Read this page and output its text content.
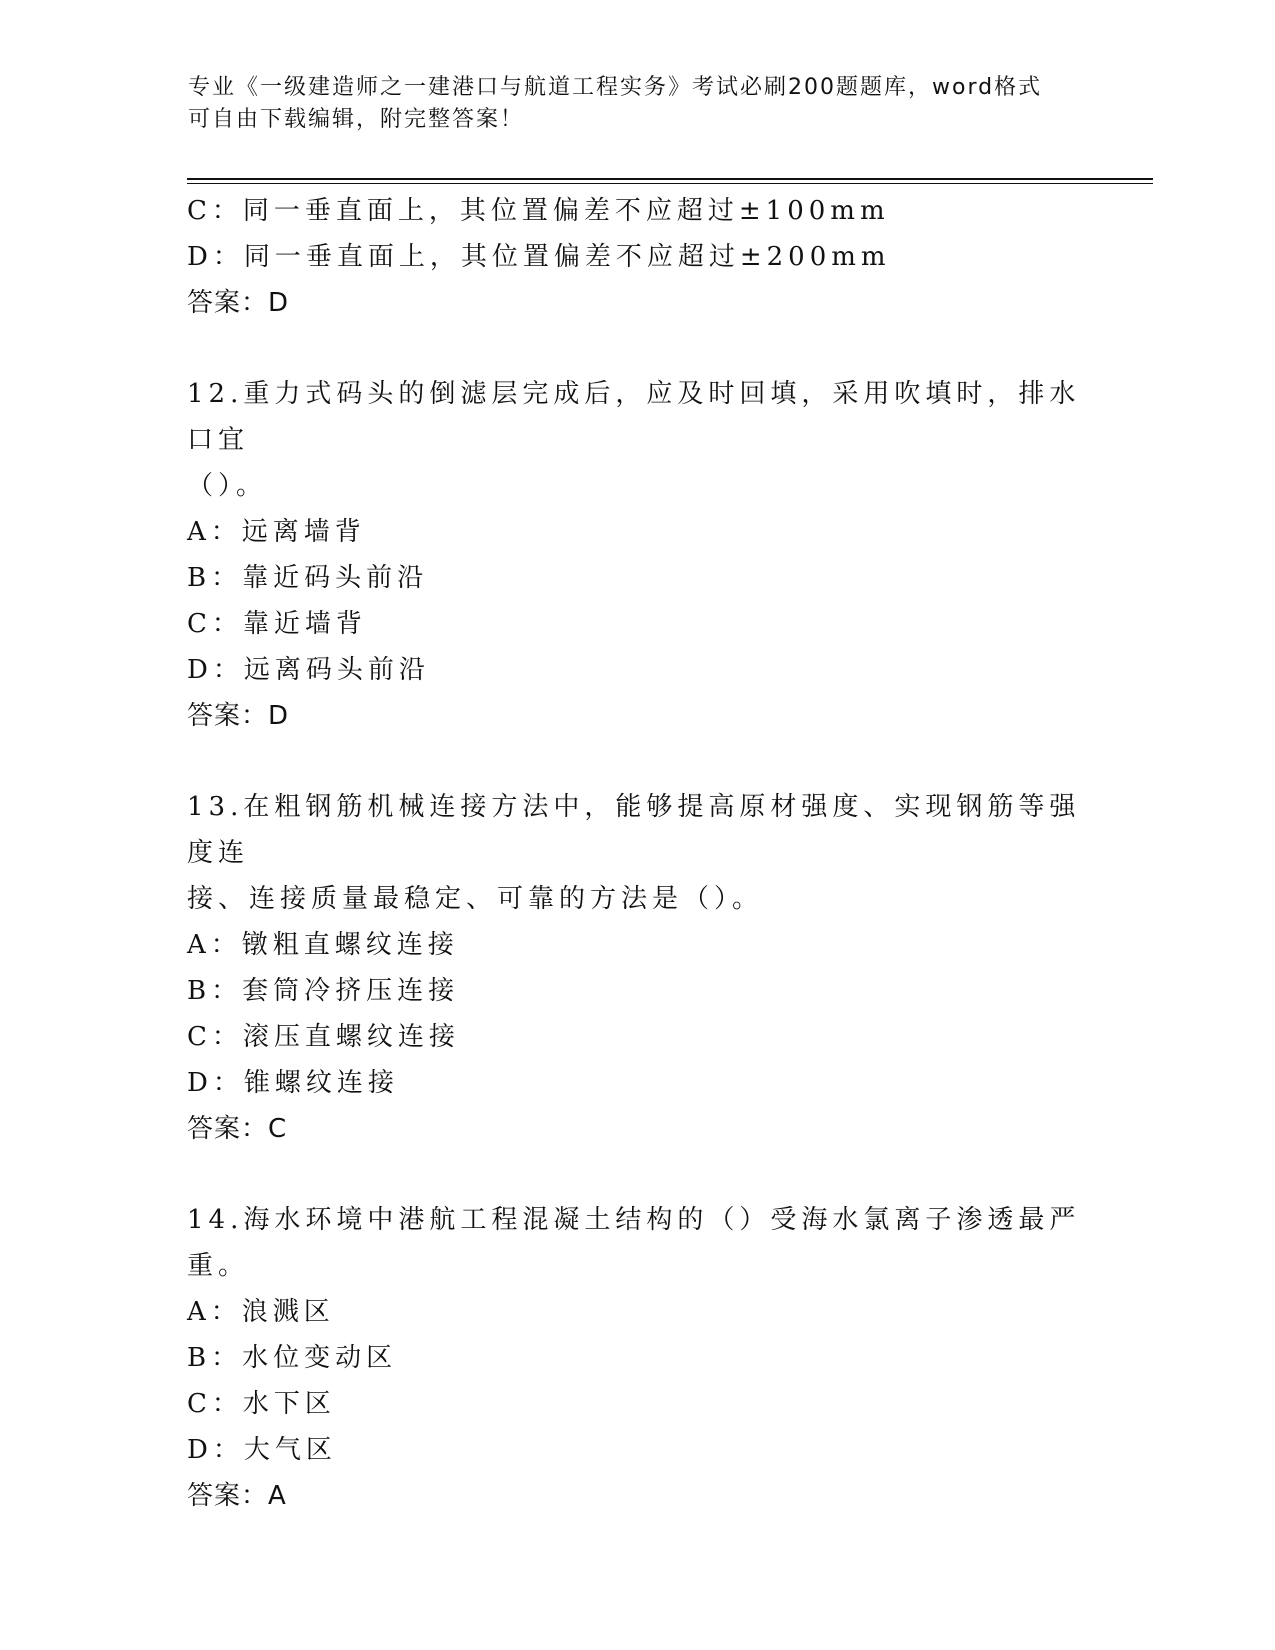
专业《一级建造师之一建港口与航道工程实务》考试必刷200题题库，word格式
可自由下载编辑，附完整答案！
C：同一垂直面上，其位置偏差不应超过±100mm
D：同一垂直面上，其位置偏差不应超过±200mm
答案：D
12.重力式码头的倒滤层完成后，应及时回填，采用吹填时，排水口宜
（）。
A：远离墙背
B：靠近码头前沿
C：靠近墙背
D：远离码头前沿
答案：D
13.在粗钢筋机械连接方法中，能够提高原材强度、实现钢筋等强度连
接、连接质量最稳定、可靠的方法是（）。
A：镦粗直螺纹连接
B：套筒冷挤压连接
C：滚压直螺纹连接
D：锥螺纹连接
答案：C
14.海水环境中港航工程混凝土结构的（）受海水氯离子渗透最严重。
A：浪溅区
B：水位变动区
C：水下区
D：大气区
答案：A
